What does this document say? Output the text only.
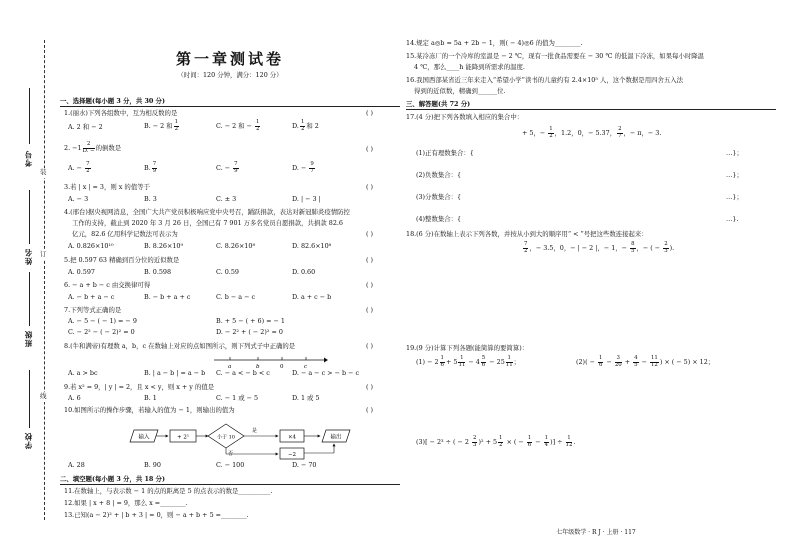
考号
姓名
班级
学校
装
订
线
第一章测试卷
（时间：120 分钟，满分：120 分）
一、选择题(每小题 3 分，共 30 分)
1.(丽水)下列各组数中，互为相反数的是	( )
A. 2 和 − 2	B. − 2 和 $\frac{1}{2}$	C. − 2 和 − $\frac{1}{2}$	D. $\frac{1}{2}$ 和 2
2. $-1 \frac{2}{D. -}$ 的倒数是	( )
A. − $\frac{7}{2}$	B. $\frac{7}{9}$	C. − $\frac{7}{9}$	D. − $\frac{9}{7}$
3.若 | x | = 3，则 x 的值等于	( )
A. − 3	B. 3	C. ± 3	D. | − 3 |
4.(邢台)据央视网消息，全国广大共产党员积极响应党中央号召，踊跃捐款，表达对新冠肺炎疫情防控
工作的支持，截止到 2020 年 3 月 26 日，全国已有 7 901 万多名党员自愿捐款，共捐款 82.6
亿元，82.6 亿用科学记数法可表示为	( )
A. 0.826×10¹⁰	B. 8.26×10⁹	C. 8.26×10⁸	D. 82.6×10⁸
5.把 0.597 63 精确到百分位的近似数是	( )
A. 0.597	B. 0.598	C. 0.59	D. 0.60
6. − a + b − c 由交换律可得	( )
A. − b + a − c	B. − b + a + c	C. b − a − c	D. a + c − b
7.下列等式正确的是	( )
A. − 5 − ( − 1) = − 9	B. + 5 − ( + 6) = − 1
C. − 2² − ( − 2)² = 0	D. − 2² + ( − 2)² = 0
8.(牛和满帝)有理数 a，b，c 在数轴上对应的点如图所示，则下列式子中正确的是	( )
a	b	0	c
A. a > bc	B. | a − b | = a − b C. − a < − b < c	D. − a − c > − b − c
9.若 x² = 9，| y | = 2，且 x < y，则 x + y 的值是	( )
A. 6	B. 1	C. − 1 或 − 5	D. 1 或 5
10.如图所示的操作步骤，若输入的值为 − 1，则输出的值为	( )
输入	+ 2¹	小于 10
是
否
×4	输出
−2
A. 28	B. 90	C. − 100	D. − 70
二、填空题(每小题 3 分，共 18 分)
11.在数轴上，与表示数 − 1 的点的距离是 5 的点表示的数是__________.
12.如果 | x + 8 | = 9，那么 x =________.
13.已知(a − 2)² + | b + 3 | = 0，则 − a + b + 5 =________.
14.规定 a◎b = 5a + 2b − 1，则( − 4)◎6 的值为________.
15.某冷冻厂的一个冷库的室温是 − 2 ℃，现有一批食品需要在 − 30 ℃ 的低温下冷冻，如果每小时降温
4 ℃，那么____h 能降到所需求的温度.
16.我国西部某省近三年来走入“希望小学”读书的儿童约有 2.4×10⁵ 人，这个数据是用四舍五入法
得到的近似数，精确到______位.
三、解答题(共 72 分)
17.(4 分)把下列各数填入相应的集合中：
+ 5，− $\frac{1}{2}$ ，1.2，0，− 5.37， $\frac{2}{7}$ ，− π，− 3.
(1)正有理数集合：{	…}；
(2)负数集合：{	…}；
(3)分数集合：{	…}；
(4)整数集合：{	…}.
18.(6 分)在数轴上表示下列各数，并按从小到大的顺序用“ < ”号把这些数连接起来：
$\frac{7}{2}$ ，− 3.5，0，− | − 2 |，− 1，− $\frac{8}{5}$ ，− ( − $\frac{2}{3}$ ).
19.(9 分)计算下列各题(能简算的要简算)：
$(1) - 2 \frac{1}{6} + 5 \frac{1}{11} - 4 \frac{5}{6} - 25 \frac{1}{11}$ ；	$(2)( - \frac{1}{6} - \frac{3}{20} + \frac{4}{5} - \frac{11}{12}$ ) × ( − 5) × 12；
(3)[ − 2³ ÷ ( − $2 \frac{2}{3} )^2 + 5 \frac{1}{2}$ × ( − $\frac{1}{6} - \frac{1}{4}$ )] ÷ $\frac{1}{12}$ .
七年级数学 · R J · 上册 · 117
